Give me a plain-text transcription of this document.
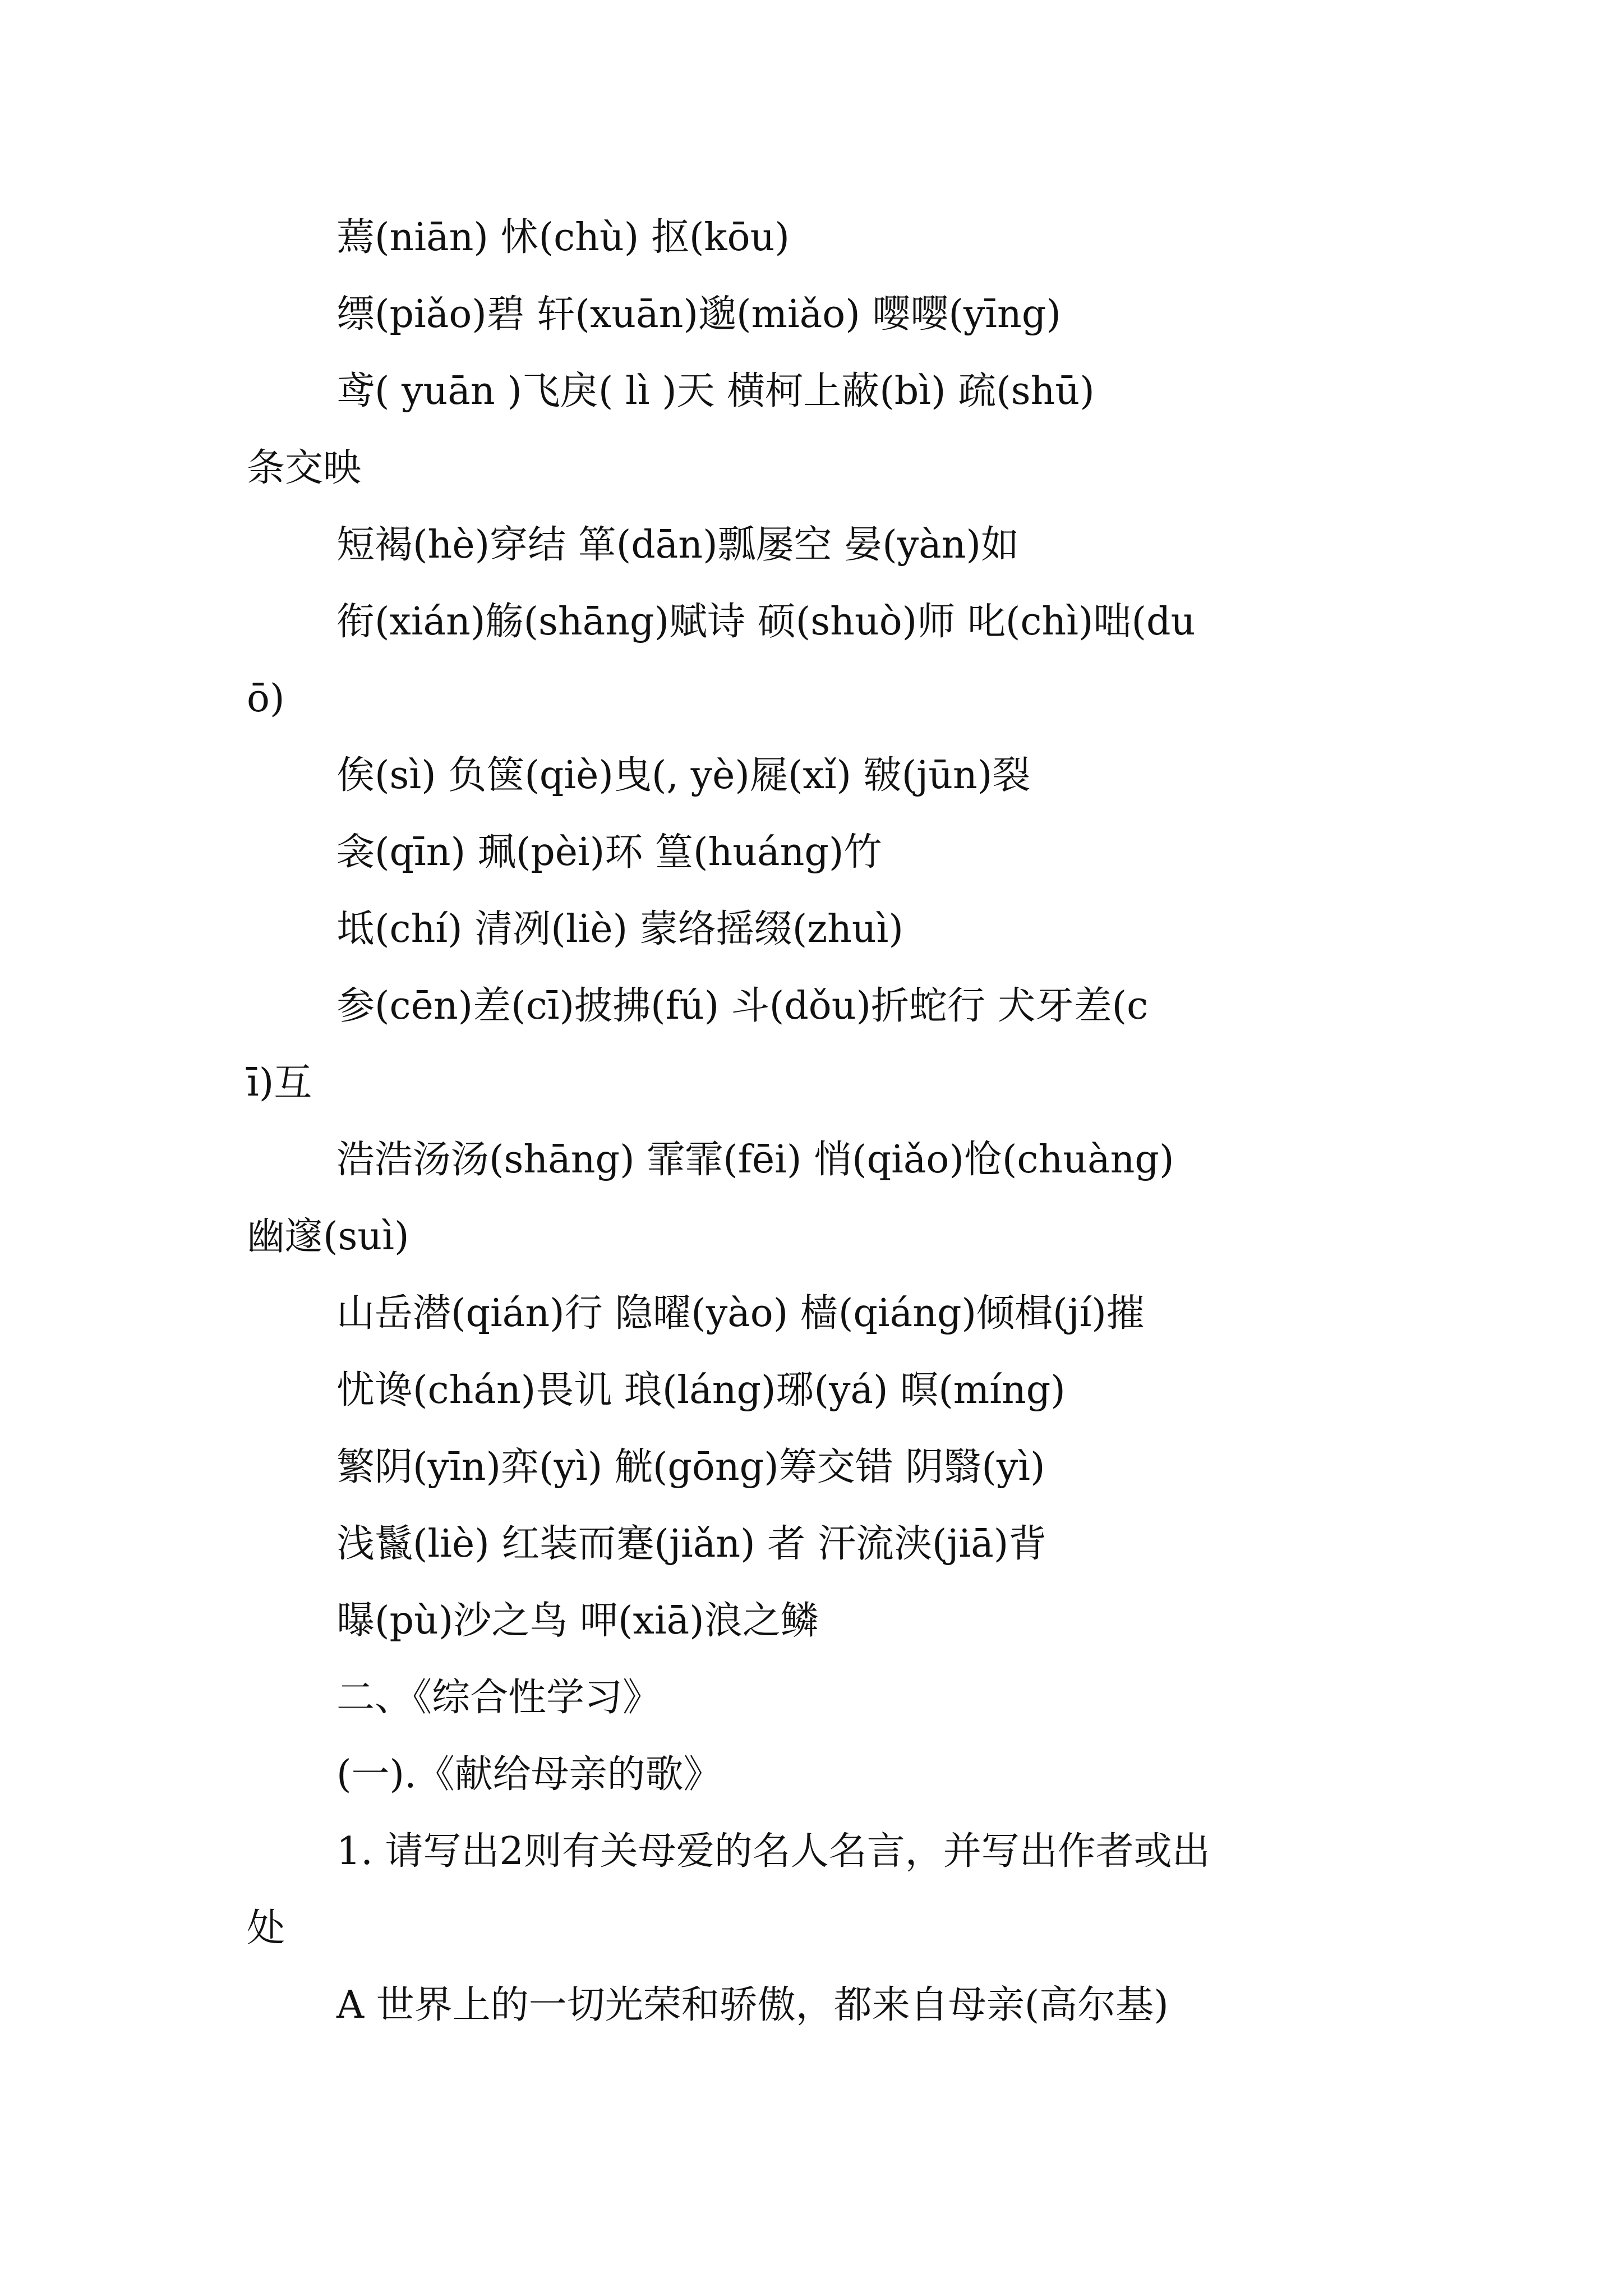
蔫(niān) 怵(chù) 抠(kōu)
缥(piǎo)碧 轩(xuān)邈(miǎo) 嘤嘤(yīng)
鸢( yuān )飞戾( lì )天 横柯上蔽(bì) 疏(shū)
条交映
短褐(hè)穿结 箪(dān)瓢屡空 晏(yàn)如
衔(xián)觞(shāng)赋诗 硕(shuò)师 叱(chì)咄(du
ō)
俟(sì) 负箧(qiè)曳(, yè)屣(xǐ) 皲(jūn)裂
衾(qīn) 珮(pèi)环 篁(huáng)竹
坻(chí) 清冽(liè) 蒙络摇缀(zhuì)
参(cēn)差(cī)披拂(fú) 斗(dǒu)折蛇行 犬牙差(c
ī)互
浩浩汤汤(shāng) 霏霏(fēi) 悄(qiǎo)怆(chuàng)
幽邃(suì)
山岳潜(qián)行 隐曜(yào) 樯(qiáng)倾楫(jí)摧
忧谗(chán)畏讥 琅(láng)琊(yá) 暝(míng)
繁阴(yīn)弈(yì) 觥(gōng)筹交错 阴翳(yì)
浅鬣(liè) 红装而蹇(jiǎn) 者 汗流浃(jiā)背
曝(pù)沙之鸟 呷(xiā)浪之鳞
二、《综合性学习》
(一).《献给母亲的歌》
1. 请写出2则有关母爱的名人名言，并写出作者或出
处
A 世界上的一切光荣和骄傲，都来自母亲(高尔基)
